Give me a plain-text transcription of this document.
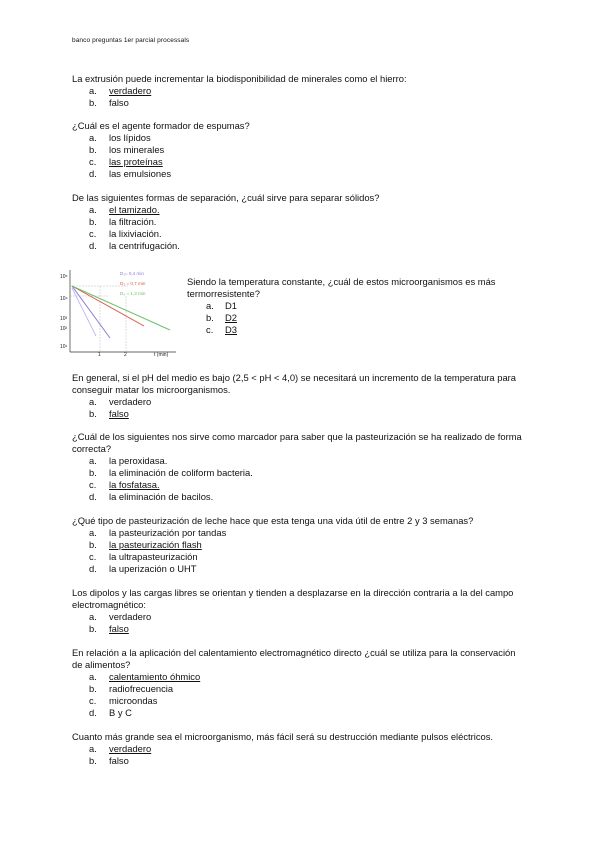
banco preguntas 1er parcial processals

La extrusión puede incrementar la biodisponibilidad de minerales como el hierro:

a. verdadero
b. falso

¿Cuál es el agente formador de espumas?

a. los lípidos
b. los minerales
c. las proteínas
d. las emulsiones

De las siguientes formas de separación, ¿cuál sirve para separar sólidos?

a. el tamizado.
b. la filtración.
c. la lixiviación.
d. la centrifugación.
10⁵
10⁴
10³
10²
10¹
1	2	t (min)
D₁= 0,4 min
D₂ = 0,7 min
D₃ = 1,3 min

Siendo la temperatura constante, ¿cuál de estos microorganismos es más termorresistente?

a. D1
b. D2
c. D3

En general, si el pH del medio es bajo (2,5 < pH < 4,0) se necesitará un incremento de la temperatura para conseguir matar los microorganismos.

a. verdadero
b. falso

¿Cuál de los siguientes nos sirve como marcador para saber que la pasteurización se ha realizado de forma correcta?

a. la peroxidasa.
b. la eliminación de coliform bacteria.
c. la fosfatasa.
d. la eliminación de bacilos.

¿Qué tipo de pasteurización de leche hace que esta tenga una vida útil de entre 2 y 3 semanas?

a. la pasteurización por tandas
b. la pasteurización flash
c. la ultrapasteurización
d. la uperización o UHT

Los dipolos y las cargas libres se orientan y tienden a desplazarse en la dirección contraria a la del campo electromagnético:

a. verdadero
b. falso

En relación a la aplicación del calentamiento electromagnético directo ¿cuál se utiliza para la conservación de alimentos?

a. calentamiento óhmico
b. radiofrecuencia
c. microondas
d. B y C

Cuanto más grande sea el microorganismo, más fácil será su destrucción mediante pulsos eléctricos.

a. verdadero
b. falso
